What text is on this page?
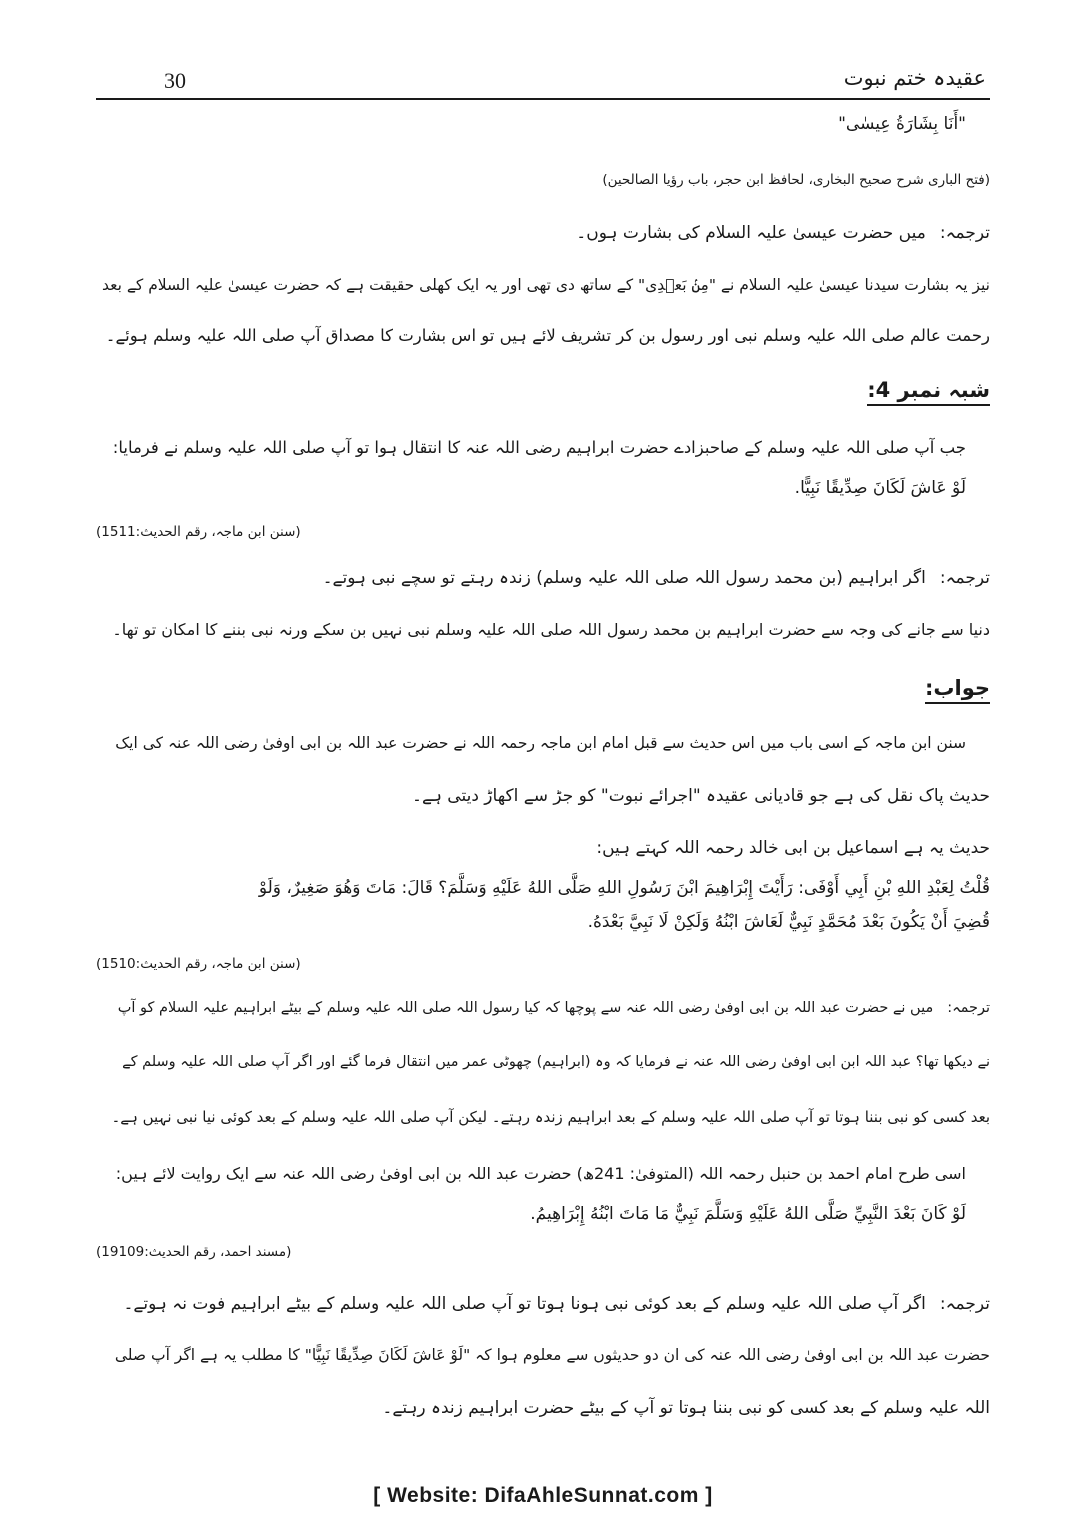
30	عقیدہ ختم نبوت
"أَنَا بِشَارَةُ عِيسٰى"
(فتح الباری شرح صحیح البخاری، لحافظ ابن حجر، باب رؤیا الصالحین)
ترجمہ:میں حضرت عیسیٰ علیہ السلام کی بشارت ہوں۔
نیز یہ بشارت سیدنا عیسیٰ علیہ السلام نے "مِنۢ بَعۡدِی" کے ساتھ دی تھی اور یہ ایک کھلی حقیقت ہے کہ حضرت عیسیٰ علیہ السلام کے بعد
رحمت عالم صلی اللہ علیہ وسلم نبی اور رسول بن کر تشریف لائے ہیں تو اس بشارت کا مصداق آپ صلی اللہ علیہ وسلم ہوئے۔
شبہ نمبر 4:
جب آپ صلی اللہ علیہ وسلم کے صاحبزادے حضرت ابراہیم رضی اللہ عنہ کا انتقال ہوا تو آپ صلی اللہ علیہ وسلم نے فرمایا:
لَوْ عَاشَ لَكَانَ صِدِّيقًا نَبِيًّا.
(سنن ابن ماجہ، رقم الحدیث:1511)
ترجمہ:اگر ابراہیم (بن محمد رسول اللہ صلی اللہ علیہ وسلم) زندہ رہتے تو سچے نبی ہوتے۔
دنیا سے جانے کی وجہ سے حضرت ابراہیم بن محمد رسول اللہ صلی اللہ علیہ وسلم نبی نہیں بن سکے ورنہ نبی بننے کا امکان تو تھا۔
جواب:
سنن ابن ماجہ کے اسی باب میں اس حدیث سے قبل امام ابن ماجہ رحمہ اللہ نے حضرت عبد اللہ بن ابی اوفیٰ رضی اللہ عنہ کی ایک
حدیث پاک نقل کی ہے جو قادیانی عقیدہ "اجرائے نبوت" کو جڑ سے اکھاڑ دیتی ہے۔
حدیث یہ ہے اسماعیل بن ابی خالد رحمہ اللہ کہتے ہیں:
قُلْتُ لِعَبْدِ اللهِ بْنِ أَبِي أَوْفَى: رَأَيْتَ إِبْرَاهِيمَ ابْنَ رَسُولِ اللهِ صَلَّى اللهُ عَلَيْهِ وَسَلَّمَ؟ قَالَ: مَاتَ وَهُوَ صَغِيرٌ، وَلَوْ
قُضِيَ أَنْ يَكُونَ بَعْدَ مُحَمَّدٍ نَبِيٌّ لَعَاشَ ابْنُهُ وَلَكِنْ لَا نَبِيَّ بَعْدَهُ.
(سنن ابن ماجہ، رقم الحدیث:1510)
ترجمہ:میں نے حضرت عبد اللہ بن ابی اوفیٰ رضی اللہ عنہ سے پوچھا کہ کیا رسول اللہ صلی اللہ علیہ وسلم کے بیٹے ابراہیم علیہ السلام کو آپ
نے دیکھا تھا؟ عبد اللہ ابن ابی اوفیٰ رضی اللہ عنہ نے فرمایا کہ وہ (ابراہیم) چھوٹی عمر میں انتقال فرما گئے اور اگر آپ صلی اللہ علیہ وسلم کے
بعد کسی کو نبی بننا ہوتا تو آپ صلی اللہ علیہ وسلم کے بعد ابراہیم زندہ رہتے۔ لیکن آپ صلی اللہ علیہ وسلم کے بعد کوئی نیا نبی نہیں ہے۔
اسی طرح امام احمد بن حنبل رحمہ اللہ (المتوفیٰ: 241ھ) حضرت عبد اللہ بن ابی اوفیٰ رضی اللہ عنہ سے ایک روایت لائے ہیں:
لَوْ كَانَ بَعْدَ النَّبِيِّ صَلَّى اللهُ عَلَيْهِ وَسَلَّمَ نَبِيٌّ مَا مَاتَ ابْنُهُ إِبْرَاهِيمُ.
(مسند احمد، رقم الحدیث:19109)
ترجمہ:اگر آپ صلی اللہ علیہ وسلم کے بعد کوئی نبی ہونا ہوتا تو آپ صلی اللہ علیہ وسلم کے بیٹے ابراہیم فوت نہ ہوتے۔
حضرت عبد اللہ بن ابی اوفیٰ رضی اللہ عنہ کی ان دو حدیثوں سے معلوم ہوا کہ "لَوْ عَاشَ لَكَانَ صِدِّيقًا نَبِيًّا" کا مطلب یہ ہے اگر آپ صلی
اللہ علیہ وسلم کے بعد کسی کو نبی بننا ہوتا تو آپ کے بیٹے حضرت ابراہیم زندہ رہتے۔
[ Website: DifaAhleSunnat.com ]
